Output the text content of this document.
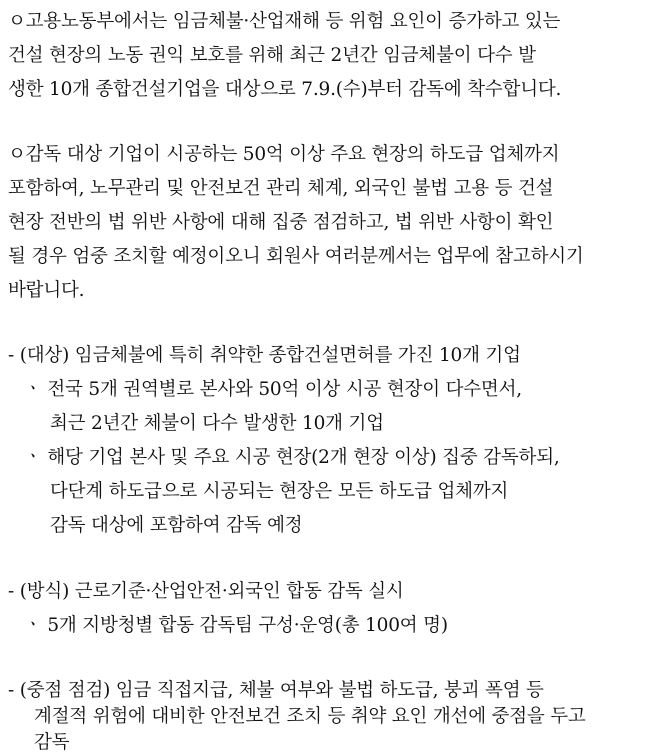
ㅇ고용노동부에서는 임금체불·산업재해 등 위험 요인이 증가하고 있는
건설 현장의 노동 권익 보호를 위해 최근 2년간 임금체불이 다수 발
생한 10개 종합건설기업을 대상으로 7.9.(수)부터 감독에 착수합니다.
ㅇ감독 대상 기업이 시공하는 50억 이상 주요 현장의 하도급 업체까지
포함하여, 노무관리 및 안전보건 관리 체계, 외국인 불법 고용 등 건설
현장 전반의 법 위반 사항에 대해 집중 점검하고, 법 위반 사항이 확인
될 경우 엄중 조치할 예정이오니 회원사 여러분께서는 업무에 참고하시기
바랍니다.
- (대상) 임금체불에 특히 취약한 종합건설면허를 가진 10개 기업
ㆍ 전국 5개 권역별로 본사와 50억 이상 시공 현장이 다수면서,
최근 2년간 체불이 다수 발생한 10개 기업
ㆍ 해당 기업 본사 및 주요 시공 현장(2개 현장 이상) 집중 감독하되,
다단계 하도급으로 시공되는 현장은 모든 하도급 업체까지
감독 대상에 포함하여 감독 예정
- (방식) 근로기준·산업안전·외국인 합동 감독 실시
ㆍ 5개 지방청별 합동 감독팀 구성·운영(총 100여 명)
- (중점 점검) 임금 직접지급, 체불 여부와 불법 하도급, 붕괴 폭염 등
계절적 위험에 대비한 안전보건 조치 등 취약 요인 개선에 중점을 두고
감독
